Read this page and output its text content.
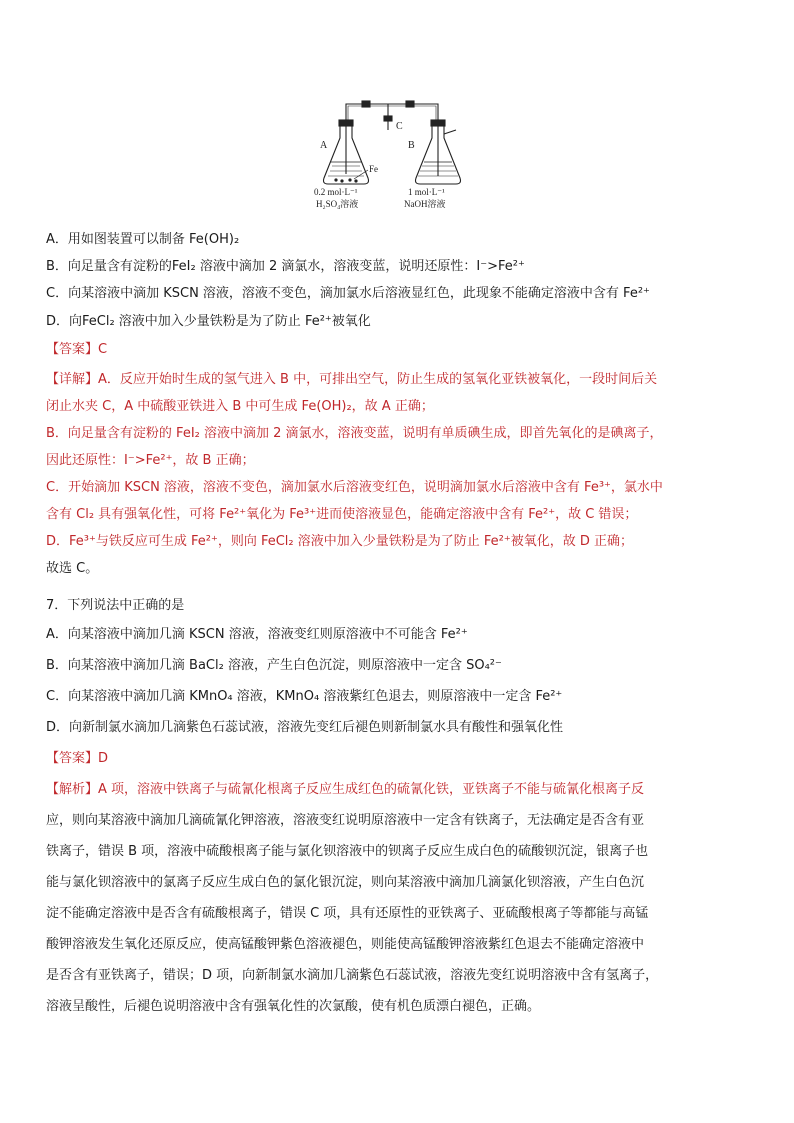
A	B
C
Fe
0.2 mol·L⁻¹
H₂SO₄溶液
1 mol·L⁻¹
NaOH溶液
A．用如图装置可以制备 Fe(OH)₂
B．向足量含有淀粉的FeI₂ 溶液中滴加 2 滴氯水，溶液变蓝，说明还原性：I⁻>Fe²⁺
C．向某溶液中滴加 KSCN 溶液，溶液不变色，滴加氯水后溶液显红色，此现象不能确定溶液中含有 Fe²⁺
D．向FeCl₂ 溶液中加入少量铁粉是为了防止 Fe²⁺被氧化
【答案】C
【详解】A．反应开始时生成的氢气进入 B 中，可排出空气，防止生成的氢氧化亚铁被氧化，一段时间后关
闭止水夹 C，A 中硫酸亚铁进入 B 中可生成 Fe(OH)₂，故 A 正确；
B．向足量含有淀粉的 FeI₂ 溶液中滴加 2 滴氯水，溶液变蓝，说明有单质碘生成，即首先氧化的是碘离子，
因此还原性：I⁻>Fe²⁺，故 B 正确；
C．开始滴加 KSCN 溶液，溶液不变色，滴加氯水后溶液变红色，说明滴加氯水后溶液中含有 Fe³⁺，氯水中
含有 Cl₂ 具有强氧化性，可将 Fe²⁺氧化为 Fe³⁺进而使溶液显色，能确定溶液中含有 Fe²⁺，故 C 错误；
D．Fe³⁺与铁反应可生成 Fe²⁺，则向 FeCl₂ 溶液中加入少量铁粉是为了防止 Fe²⁺被氧化，故 D 正确；
故选 C。
7．下列说法中正确的是
A．向某溶液中滴加几滴 KSCN 溶液，溶液变红则原溶液中不可能含 Fe²⁺
B．向某溶液中滴加几滴 BaCl₂ 溶液，产生白色沉淀，则原溶液中一定含 SO₄²⁻
C．向某溶液中滴加几滴 KMnO₄ 溶液，KMnO₄ 溶液紫红色退去，则原溶液中一定含 Fe²⁺
D．向新制氯水滴加几滴紫色石蕊试液，溶液先变红后褪色则新制氯水具有酸性和强氧化性
【答案】D
【解析】A 项，溶液中铁离子与硫氰化根离子反应生成红色的硫氰化铁，亚铁离子不能与硫氰化根离子反
应，则向某溶液中滴加几滴硫氰化钾溶液，溶液变红说明原溶液中一定含有铁离子，无法确定是否含有亚
铁离子，错误 B 项，溶液中硫酸根离子能与氯化钡溶液中的钡离子反应生成白色的硫酸钡沉淀，银离子也
能与氯化钡溶液中的氯离子反应生成白色的氯化银沉淀，则向某溶液中滴加几滴氯化钡溶液，产生白色沉
淀不能确定溶液中是否含有硫酸根离子，错误 C 项，具有还原性的亚铁离子、亚硫酸根离子等都能与高锰
酸钾溶液发生氧化还原反应，使高锰酸钾紫色溶液褪色，则能使高锰酸钾溶液紫红色退去不能确定溶液中
是否含有亚铁离子，错误；D 项，向新制氯水滴加几滴紫色石蕊试液，溶液先变红说明溶液中含有氢离子，
溶液呈酸性，后褪色说明溶液中含有强氧化性的次氯酸，使有机色质漂白褪色，正确。
